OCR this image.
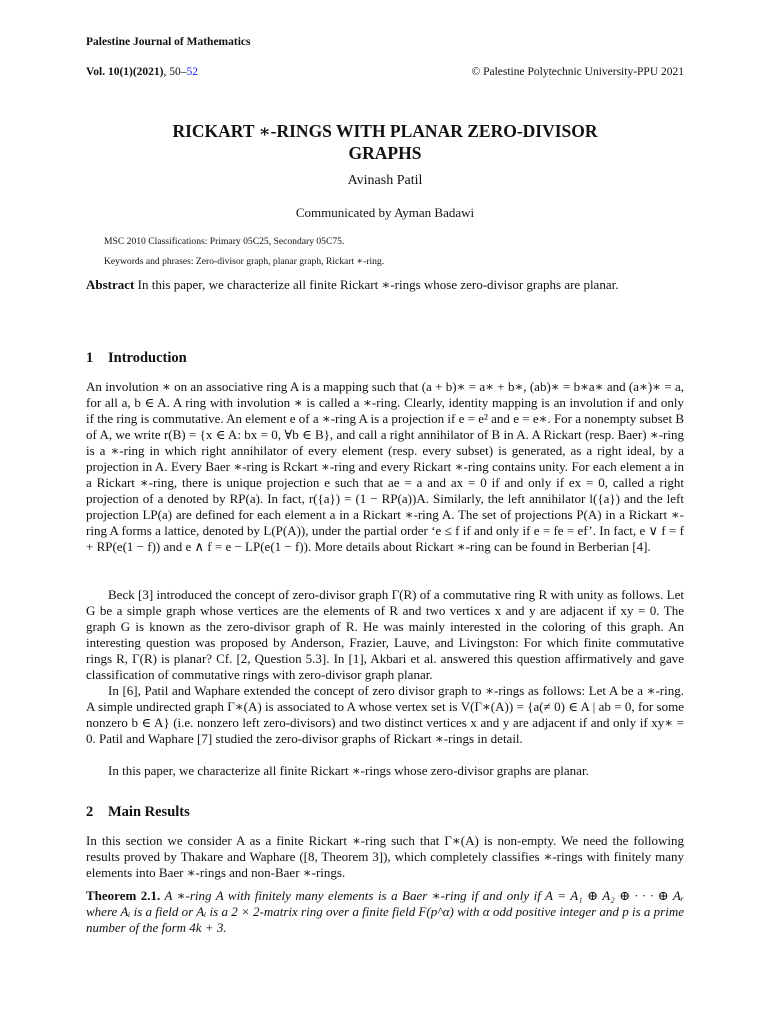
Palestine Journal of Mathematics
Vol. 10(1)(2021), 50–52	© Palestine Polytechnic University-PPU 2021
RICKART ∗-RINGS WITH PLANAR ZERO-DIVISOR
GRAPHS
Avinash Patil
Communicated by Ayman Badawi
MSC 2010 Classifications: Primary 05C25, Secondary 05C75.
Keywords and phrases: Zero-divisor graph, planar graph, Rickart ∗-ring.
Abstract In this paper, we characterize all finite Rickart ∗-rings whose zero-divisor graphs are planar.
1 Introduction

An involution ∗ on an associative ring A is a mapping such that (a + b)∗ = a∗ + b∗, (ab)∗ = b∗a∗ and (a∗)∗ = a, for all a, b ∈ A. A ring with involution ∗ is called a ∗-ring. Clearly, identity mapping is an involution if and only if the ring is commutative. An element e of a ∗-ring A is a projection if e = e² and e = e∗. For a nonempty subset B of A, we write r(B) = {x ∈ A: bx = 0, ∀b ∈ B}, and call a right annihilator of B in A. A Rickart (resp. Baer) ∗-ring is a ∗-ring in which right annihilator of every element (resp. every subset) is generated, as a right ideal, by a projection in A. Every Baer ∗-ring is Rckart ∗-ring and every Rickart ∗-ring contains unity. For each element a in a Rickart ∗-ring, there is unique projection e such that ae = a and ax = 0 if and only if ex = 0, called a right projection of a denoted by RP(a). In fact, r({a}) = (1 − RP(a))A. Similarly, the left annihilator l({a}) and the left projection LP(a) are defined for each element a in a Rickart ∗-ring A. The set of projections P(A) in a Rickart ∗-ring A forms a lattice, denoted by L(P(A)), under the partial order ‘e ≤ f if and only if e = fe = ef’. In fact, e ∨ f = f + RP(e(1 − f)) and e ∧ f = e − LP(e(1 − f)). More details about Rickart ∗-ring can be found in Berberian [4].

Beck [3] introduced the concept of zero-divisor graph Γ(R) of a commutative ring R with unity as follows. Let G be a simple graph whose vertices are the elements of R and two vertices x and y are adjacent if xy = 0. The graph G is known as the zero-divisor graph of R. He was mainly interested in the coloring of this graph. An interesting question was proposed by Anderson, Frazier, Lauve, and Livingston: For which finite commutative rings R, Γ(R) is planar? Cf. [2, Question 5.3]. In [1], Akbari et al. answered this question affirmatively and gave classification of commutative rings with zero-divisor graph planar.

In [6], Patil and Waphare extended the concept of zero divisor graph to ∗-rings as follows: Let A be a ∗-ring. A simple undirected graph Γ∗(A) is associated to A whose vertex set is V(Γ∗(A)) = {a(≠ 0) ∈ A | ab = 0, for some nonzero b ∈ A} (i.e. nonzero left zero-divisors) and two distinct vertices x and y are adjacent if and only if xy∗ = 0. Patil and Waphare [7] studied the zero-divisor graphs of Rickart ∗-rings in detail.

In this paper, we characterize all finite Rickart ∗-rings whose zero-divisor graphs are planar.

2 Main Results

In this section we consider A as a finite Rickart ∗-ring such that Γ∗(A) is non-empty. We need the following results proved by Thakare and Waphare ([8, Theorem 3]), which completely classifies ∗-rings with finitely many elements into Baer ∗-rings and non-Baer ∗-rings.

Theorem 2.1. A ∗-ring A with finitely many elements is a Baer ∗-ring if and only if A = A₁ ⊕ A₂ ⊕ · · · ⊕ Aᵣ where Aᵢ is a field or Aᵢ is a 2 × 2-matrix ring over a finite field F(p^α) with α odd positive integer and p is a prime number of the form 4k + 3.
